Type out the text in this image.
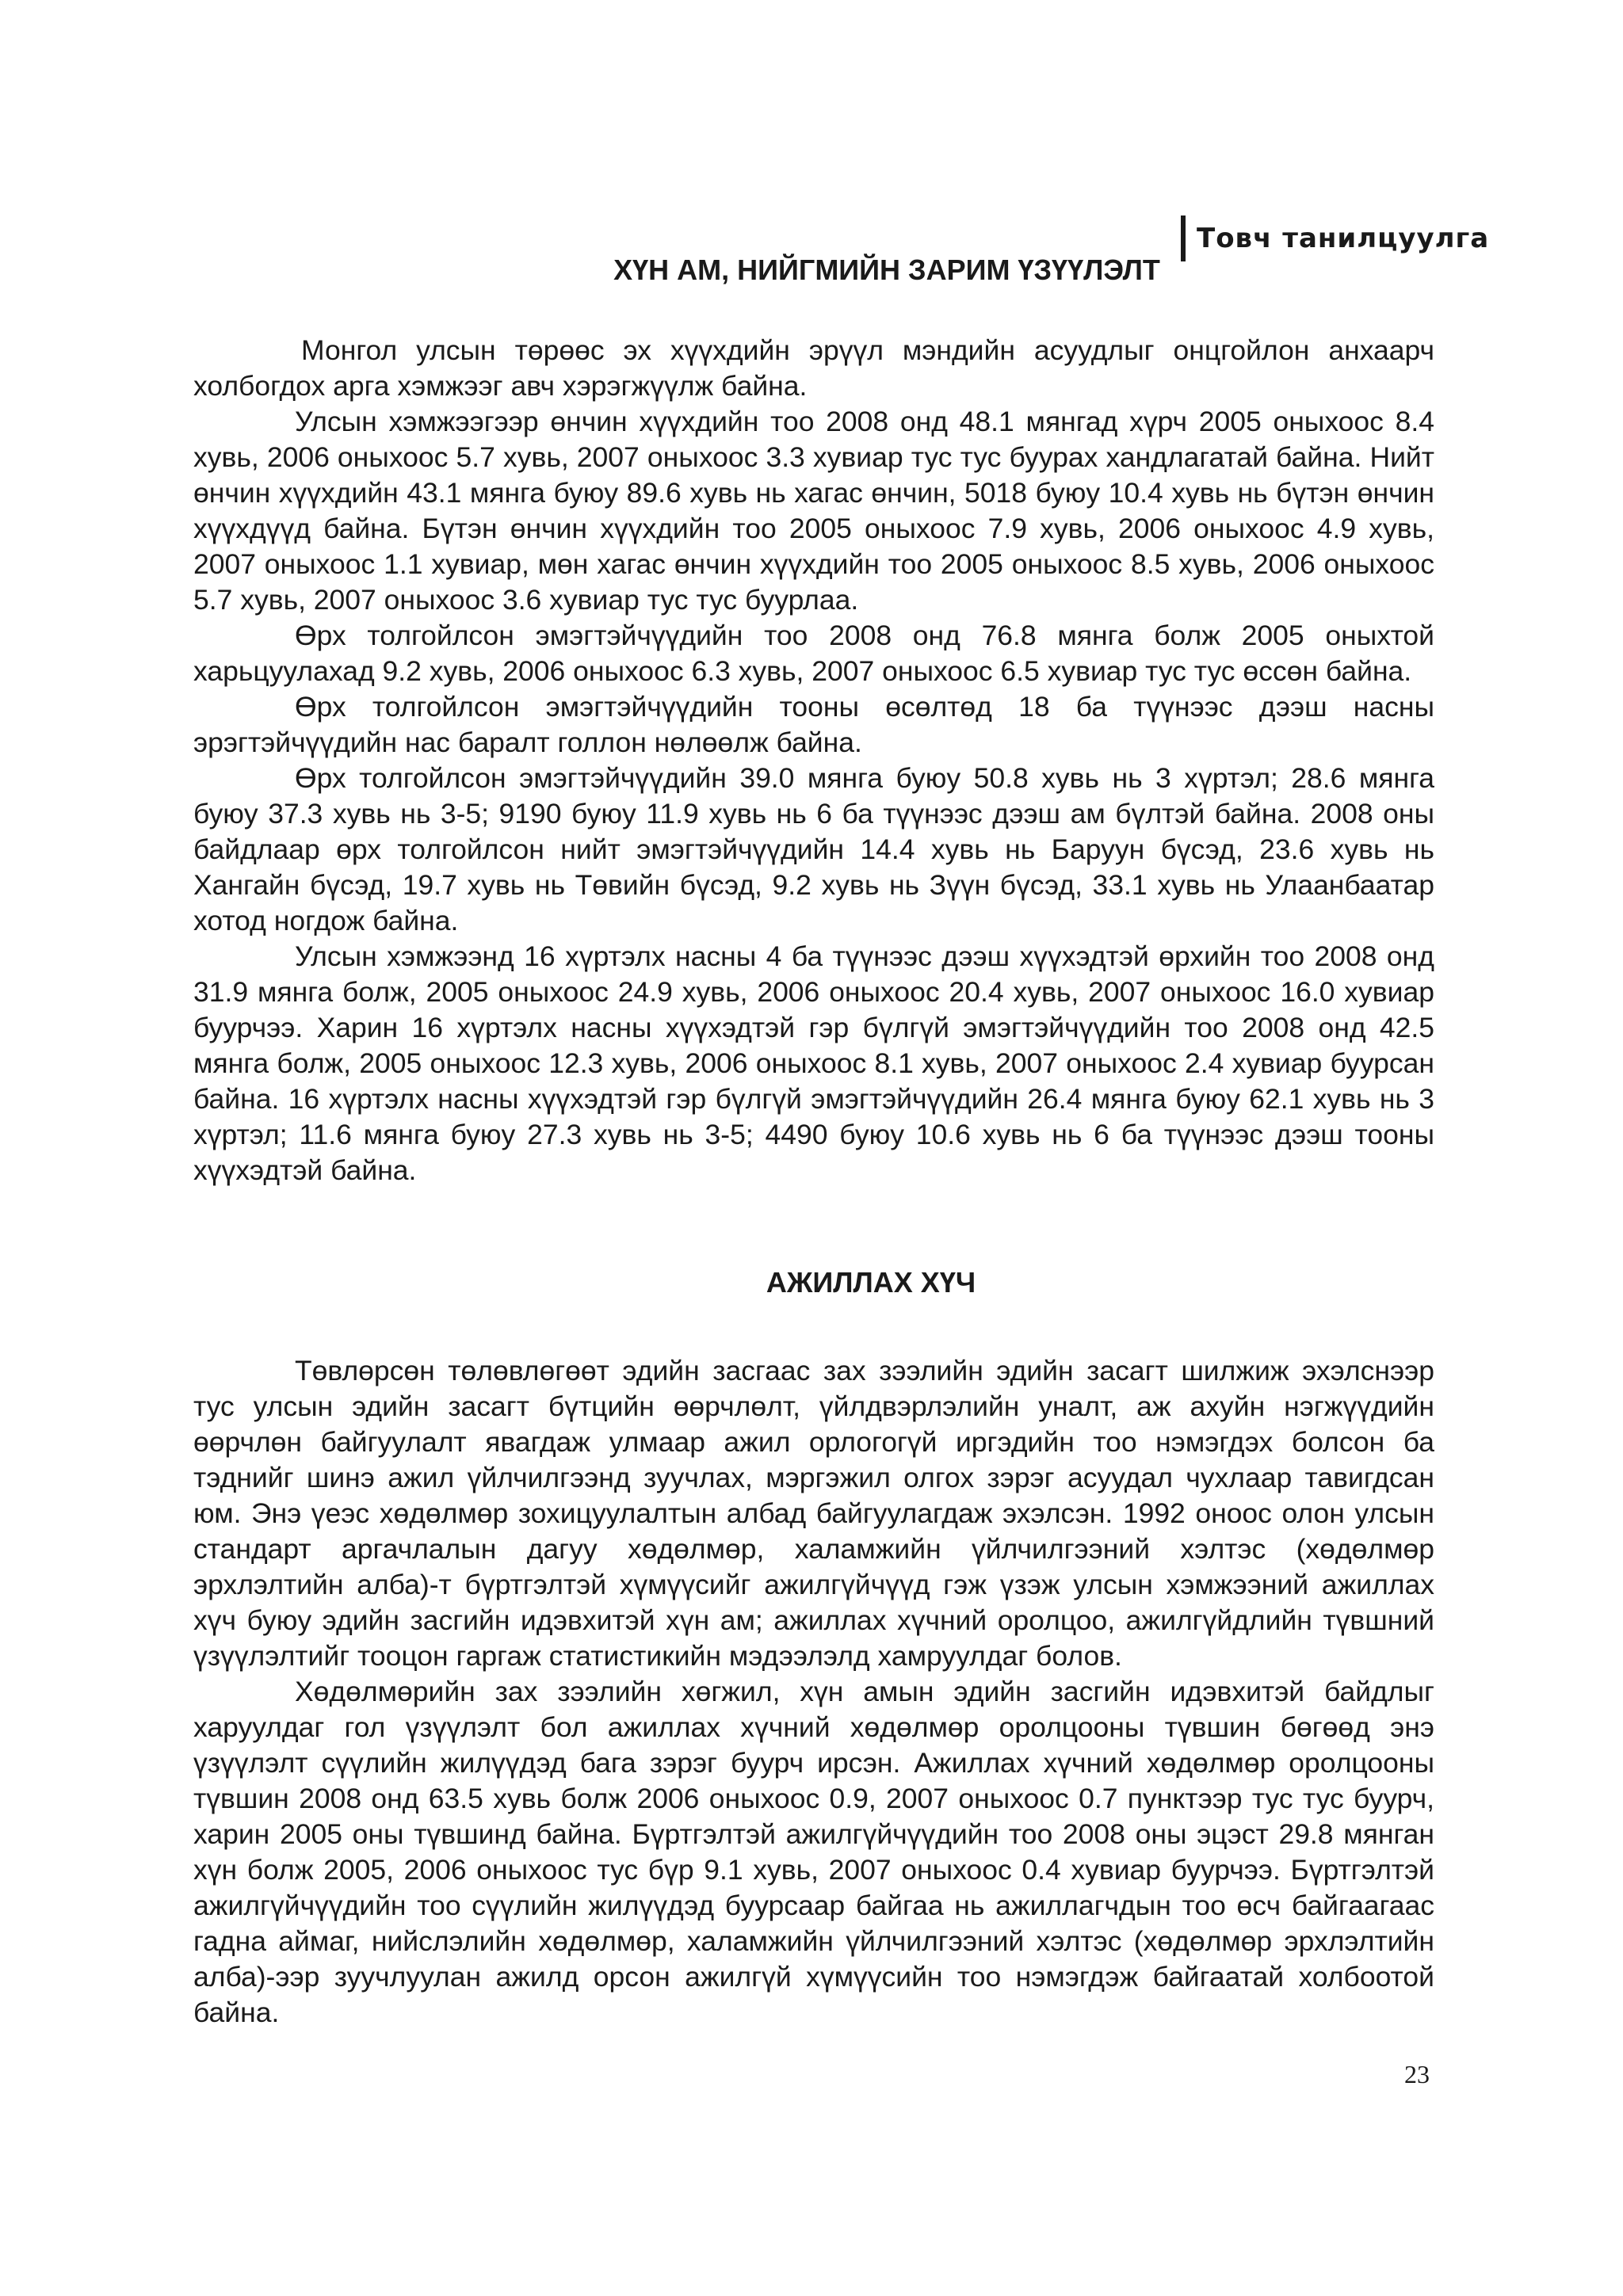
Товч танилцуулга
ХҮН АМ, НИЙГМИЙН ЗАРИМ ҮЗҮҮЛЭЛТ

Монгол улсын төрөөс эх хүүхдийн эрүүл мэндийн асуудлыг онцгойлон анхаарч холбогдох арга хэмжээг авч хэрэгжүүлж байна.

Улсын хэмжээгээр өнчин хүүхдийн тоо 2008 онд 48.1 мянгад хүрч 2005 оныхоос 8.4 хувь, 2006 оныхоос 5.7 хувь, 2007 оныхоос 3.3 хувиар тус тус буурах хандлагатай байна. Нийт өнчин хүүхдийн 43.1 мянга буюу 89.6 хувь нь хагас өнчин, 5018 буюу 10.4 хувь нь бүтэн өнчин хүүхдүүд байна. Бүтэн өнчин хүүхдийн тоо 2005 оныхоос 7.9 хувь, 2006 оныхоос 4.9 хувь, 2007 оныхоос 1.1 хувиар, мөн хагас өнчин хүүхдийн тоо 2005 оныхоос 8.5 хувь, 2006 оныхоос 5.7 хувь, 2007 оныхоос 3.6 хувиар тус тус буурлаа.

Өрх толгойлсон эмэгтэйчүүдийн тоо 2008 онд 76.8 мянга болж 2005 оныхтой харьцуулахад 9.2 хувь, 2006 оныхоос 6.3 хувь, 2007 оныхоос 6.5 хувиар тус тус өссөн байна.

Өрх толгойлсон эмэгтэйчүүдийн тооны өсөлтөд 18 ба түүнээс дээш насны эрэгтэйчүүдийн нас баралт голлон нөлөөлж байна.

Өрх толгойлсон эмэгтэйчүүдийн 39.0 мянга буюу 50.8 хувь нь 3 хүртэл; 28.6 мянга буюу 37.3 хувь нь 3-5; 9190 буюу 11.9 хувь нь 6 ба түүнээс дээш ам бүлтэй байна. 2008 оны байдлаар өрх толгойлсон нийт эмэгтэйчүүдийн 14.4 хувь нь Баруун бүсэд, 23.6 хувь нь Хангайн бүсэд, 19.7 хувь нь Төвийн бүсэд, 9.2 хувь нь Зүүн бүсэд, 33.1 хувь нь Улаанбаатар хотод ногдож байна.

Улсын хэмжээнд 16 хүртэлх насны 4 ба түүнээс дээш хүүхэдтэй өрхийн тоо 2008 онд 31.9 мянга болж, 2005 оныхоос 24.9 хувь, 2006 оныхоос 20.4 хувь, 2007 оныхоос 16.0 хувиар буурчээ. Харин 16 хүртэлх насны хүүхэдтэй гэр бүлгүй эмэгтэйчүүдийн тоо 2008 онд 42.5 мянга болж, 2005 оныхоос 12.3 хувь, 2006 оныхоос 8.1 хувь, 2007 оныхоос 2.4 хувиар буурсан байна. 16 хүртэлх насны хүүхэдтэй гэр бүлгүй эмэгтэйчүүдийн 26.4 мянга буюу 62.1 хувь нь 3 хүртэл; 11.6 мянга буюу 27.3 хувь нь 3-5; 4490 буюу 10.6 хувь нь 6 ба түүнээс дээш тооны хүүхэдтэй байна.

АЖИЛЛАХ ХҮЧ

Төвлөрсөн төлөвлөгөөт эдийн засгаас зах зээлийн эдийн засагт шилжиж эхэлснээр тус улсын эдийн засагт бүтцийн өөрчлөлт, үйлдвэрлэлийн уналт, аж ахуйн нэгжүүдийн өөрчлөн байгуулалт явагдаж улмаар ажил орлогогүй иргэдийн тоо нэмэгдэх болсон ба тэднийг шинэ ажил үйлчилгээнд зуучлах, мэргэжил олгох зэрэг асуудал чухлаар тавигдсан юм. Энэ үеэс хөдөлмөр зохицуулалтын албад байгуулагдаж эхэлсэн. 1992 оноос олон улсын стандарт аргачлалын дагуу хөдөлмөр, халамжийн үйлчилгээний хэлтэс (хөдөлмөр эрхлэлтийн алба)-т бүртгэлтэй хүмүүсийг ажилгүйчүүд гэж үзэж улсын хэмжээний ажиллах хүч буюу эдийн засгийн идэвхитэй хүн ам; ажиллах хүчний оролцоо, ажилгүйдлийн түвшний үзүүлэлтийг тооцон гаргаж статистикийн мэдээлэлд хамруулдаг болов.

Хөдөлмөрийн зах зээлийн хөгжил, хүн амын эдийн засгийн идэвхитэй байдлыг харуулдаг гол үзүүлэлт бол ажиллах хүчний хөдөлмөр оролцооны түвшин бөгөөд энэ үзүүлэлт сүүлийн жилүүдэд бага зэрэг буурч ирсэн. Ажиллах хүчний хөдөлмөр оролцооны түвшин 2008 онд 63.5 хувь болж 2006 оныхоос 0.9, 2007 оныхоос 0.7 пунктээр тус тус буурч, харин 2005 оны түвшинд байна. Бүртгэлтэй ажилгүйчүүдийн тоо 2008 оны эцэст 29.8 мянган хүн болж 2005, 2006 оныхоос тус бүр 9.1 хувь, 2007 оныхоос 0.4 хувиар буурчээ. Бүртгэлтэй ажилгүйчүүдийн тоо сүүлийн жилүүдэд буурсаар байгаа нь ажиллагчдын тоо өсч байгаагаас гадна аймаг, нийслэлийн хөдөлмөр, халамжийн үйлчилгээний хэлтэс (хөдөлмөр эрхлэлтийн алба)-ээр зуучлуулан ажилд орсон ажилгүй хүмүүсийн тоо нэмэгдэж байгаатай холбоотой байна.

23
